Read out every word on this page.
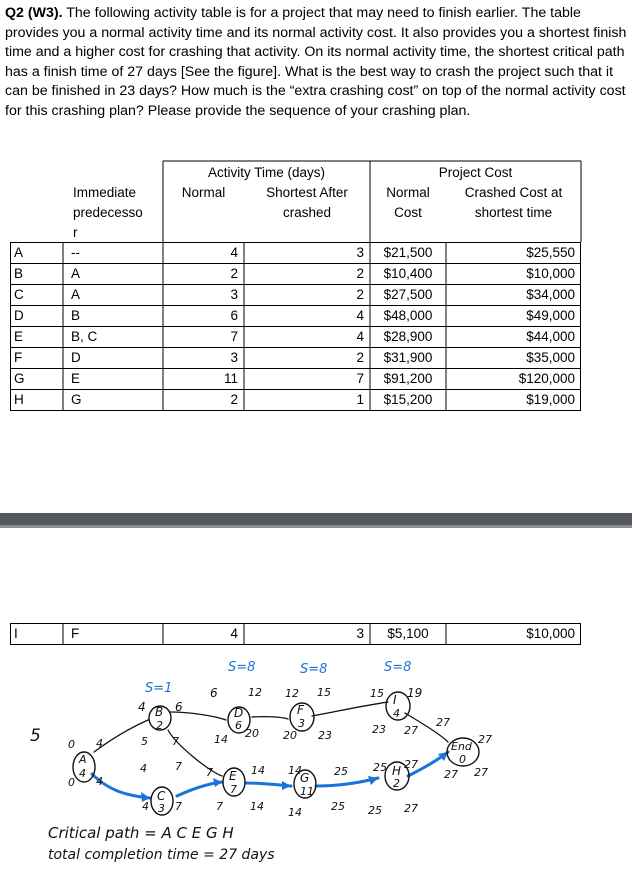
Q2 (W3). The following activity table is for a project that may need to finish earlier. The table provides you a normal activity time and its normal activity cost. It also provides you a shortest finish time and a higher cost for crashing that activity. On its normal activity time, the shortest critical path has a finish time of 27 days [See the figure]. What is the best way to crash the project such that it can be finished in 23 days? How much is the “extra crashing cost” on top of the normal activity cost for this crashing plan? Please provide the sequence of your crashing plan.

Activity Time (days)	Project Cost
Immediate
predecesso
r
Normal	Shortest After
crashed
Normal
Cost
Crashed Cost at
shortest time
A	--	4	3	$21,500	$25,550
B	A	2	2	$10,400	$10,000
C	A	3	2	$27,500	$34,000
D	B	6	4	$48,000	$49,000
E	B, C	7	4	$28,900	$44,000
F	D	3	2	$31,900	$35,000
G	E	11	7	$91,200	$120,000
H	G	2	1	$15,200	$19,000
I	F	4	3	$5,100	$10,000
5
S=1
S=8	S=8	S=8
A
4
B
2
C
3
D
6
E
7
F
3
G
11
H
2
I
4
End
0
0 4
0 4
4 6
5 7
4	7
4 7
6	12
14 20
7	14
7 14
12 15
20 23
14	25
14	25
25 27
25 27
15 19
23 27
27
27
27 27
Critical path = A C E G H
total completion time = 27 days
